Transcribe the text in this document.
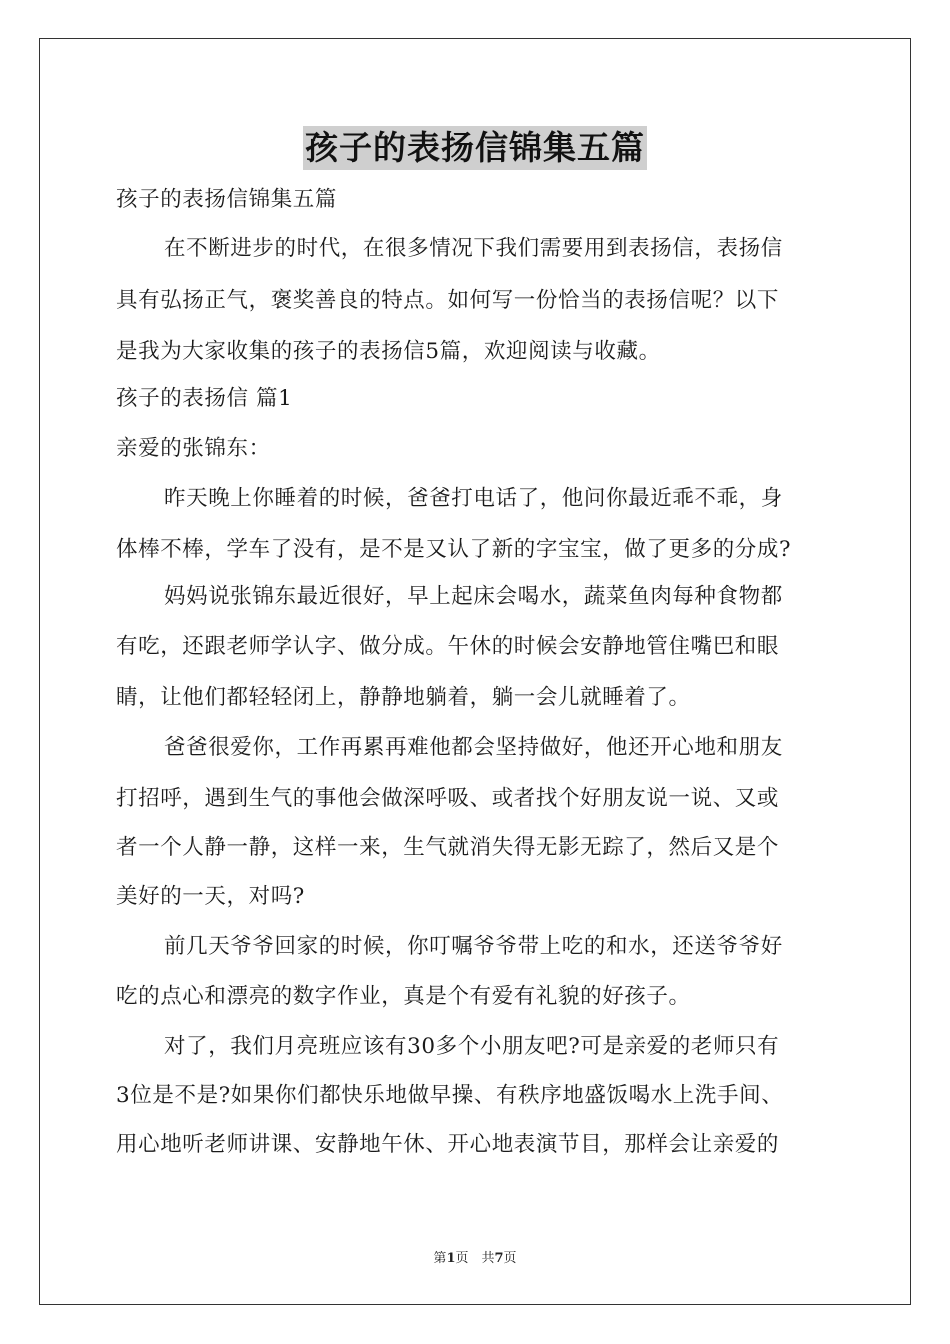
孩子的表扬信锦集五篇
孩子的表扬信锦集五篇
在不断进步的时代，在很多情况下我们需要用到表扬信，表扬信
具有弘扬正气，褒奖善良的特点。如何写一份恰当的表扬信呢？以下
是我为大家收集的孩子的表扬信5篇，欢迎阅读与收藏。
孩子的表扬信 篇1
亲爱的张锦东：
昨天晚上你睡着的时候，爸爸打电话了，他问你最近乖不乖，身
体棒不棒，学车了没有，是不是又认了新的字宝宝，做了更多的分成?
妈妈说张锦东最近很好，早上起床会喝水，蔬菜鱼肉每种食物都
有吃，还跟老师学认字、做分成。午休的时候会安静地管住嘴巴和眼
睛，让他们都轻轻闭上，静静地躺着，躺一会儿就睡着了。
爸爸很爱你，工作再累再难他都会坚持做好，他还开心地和朋友
打招呼，遇到生气的事他会做深呼吸、或者找个好朋友说一说、又或
者一个人静一静，这样一来，生气就消失得无影无踪了，然后又是个
美好的一天，对吗?
前几天爷爷回家的时候，你叮嘱爷爷带上吃的和水，还送爷爷好
吃的点心和漂亮的数字作业，真是个有爱有礼貌的好孩子。
对了，我们月亮班应该有30多个小朋友吧?可是亲爱的老师只有
3位是不是?如果你们都快乐地做早操、有秩序地盛饭喝水上洗手间、
用心地听老师讲课、安静地午休、开心地表演节目，那样会让亲爱的
第1页　共7页
